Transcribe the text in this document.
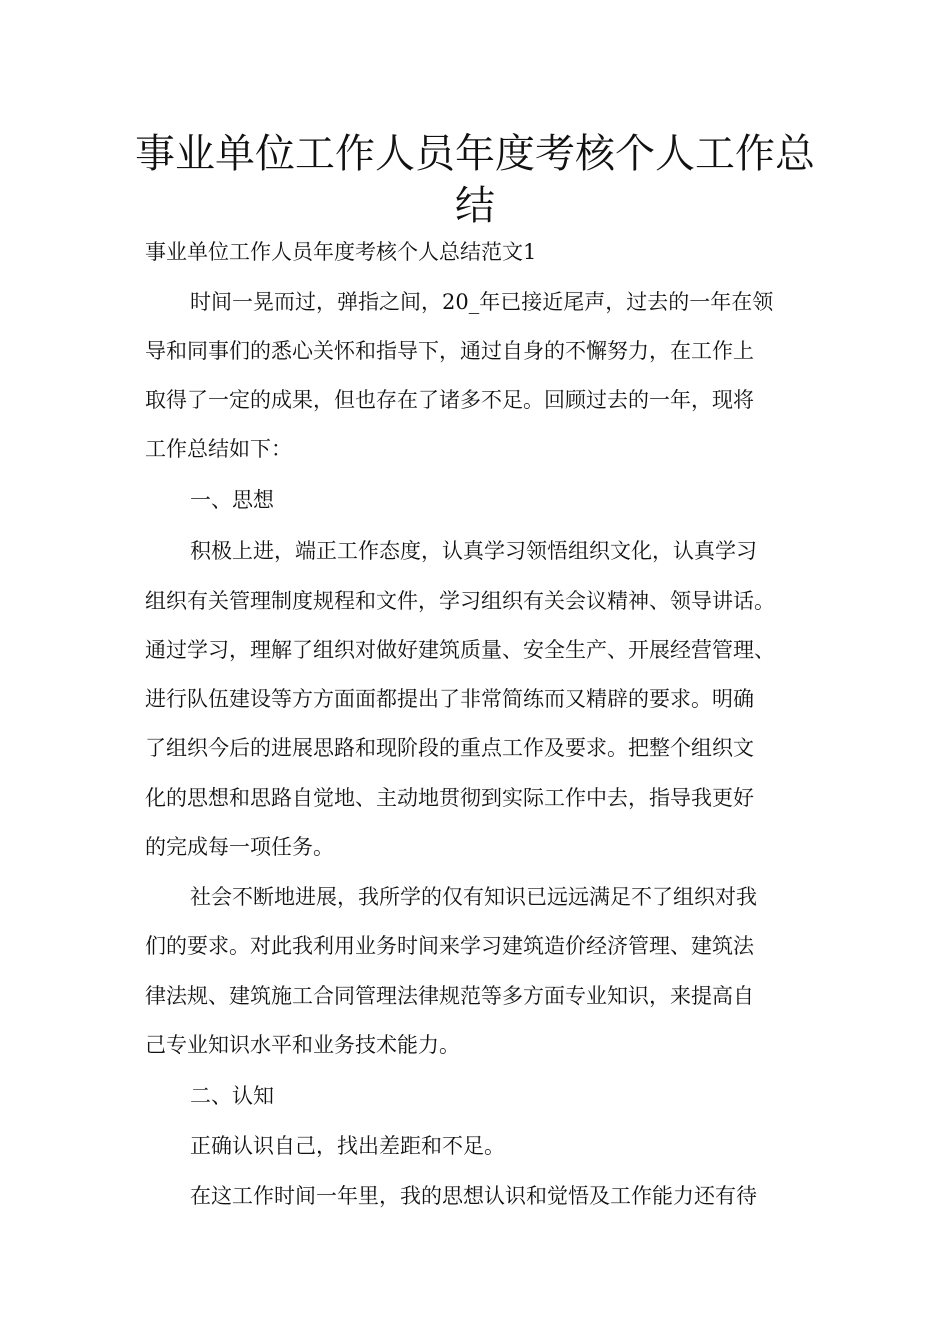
事业单位工作人员年度考核个人工作总
结
事业单位工作人员年度考核个人总结范文1
时间一晃而过，弹指之间，20_年已接近尾声，过去的一年在领
导和同事们的悉心关怀和指导下，通过自身的不懈努力，在工作上
取得了一定的成果，但也存在了诸多不足。回顾过去的一年，现将
工作总结如下：
一、思想
积极上进，端正工作态度，认真学习领悟组织文化，认真学习
组织有关管理制度规程和文件，学习组织有关会议精神、领导讲话。
通过学习，理解了组织对做好建筑质量、安全生产、开展经营管理、
进行队伍建设等方方面面都提出了非常简练而又精辟的要求。明确
了组织今后的进展思路和现阶段的重点工作及要求。把整个组织文
化的思想和思路自觉地、主动地贯彻到实际工作中去，指导我更好
的完成每一项任务。
社会不断地进展，我所学的仅有知识已远远满足不了组织对我
们的要求。对此我利用业务时间来学习建筑造价经济管理、建筑法
律法规、建筑施工合同管理法律规范等多方面专业知识，来提高自
己专业知识水平和业务技术能力。
二、认知
正确认识自己，找出差距和不足。
在这工作时间一年里，我的思想认识和觉悟及工作能力还有待
